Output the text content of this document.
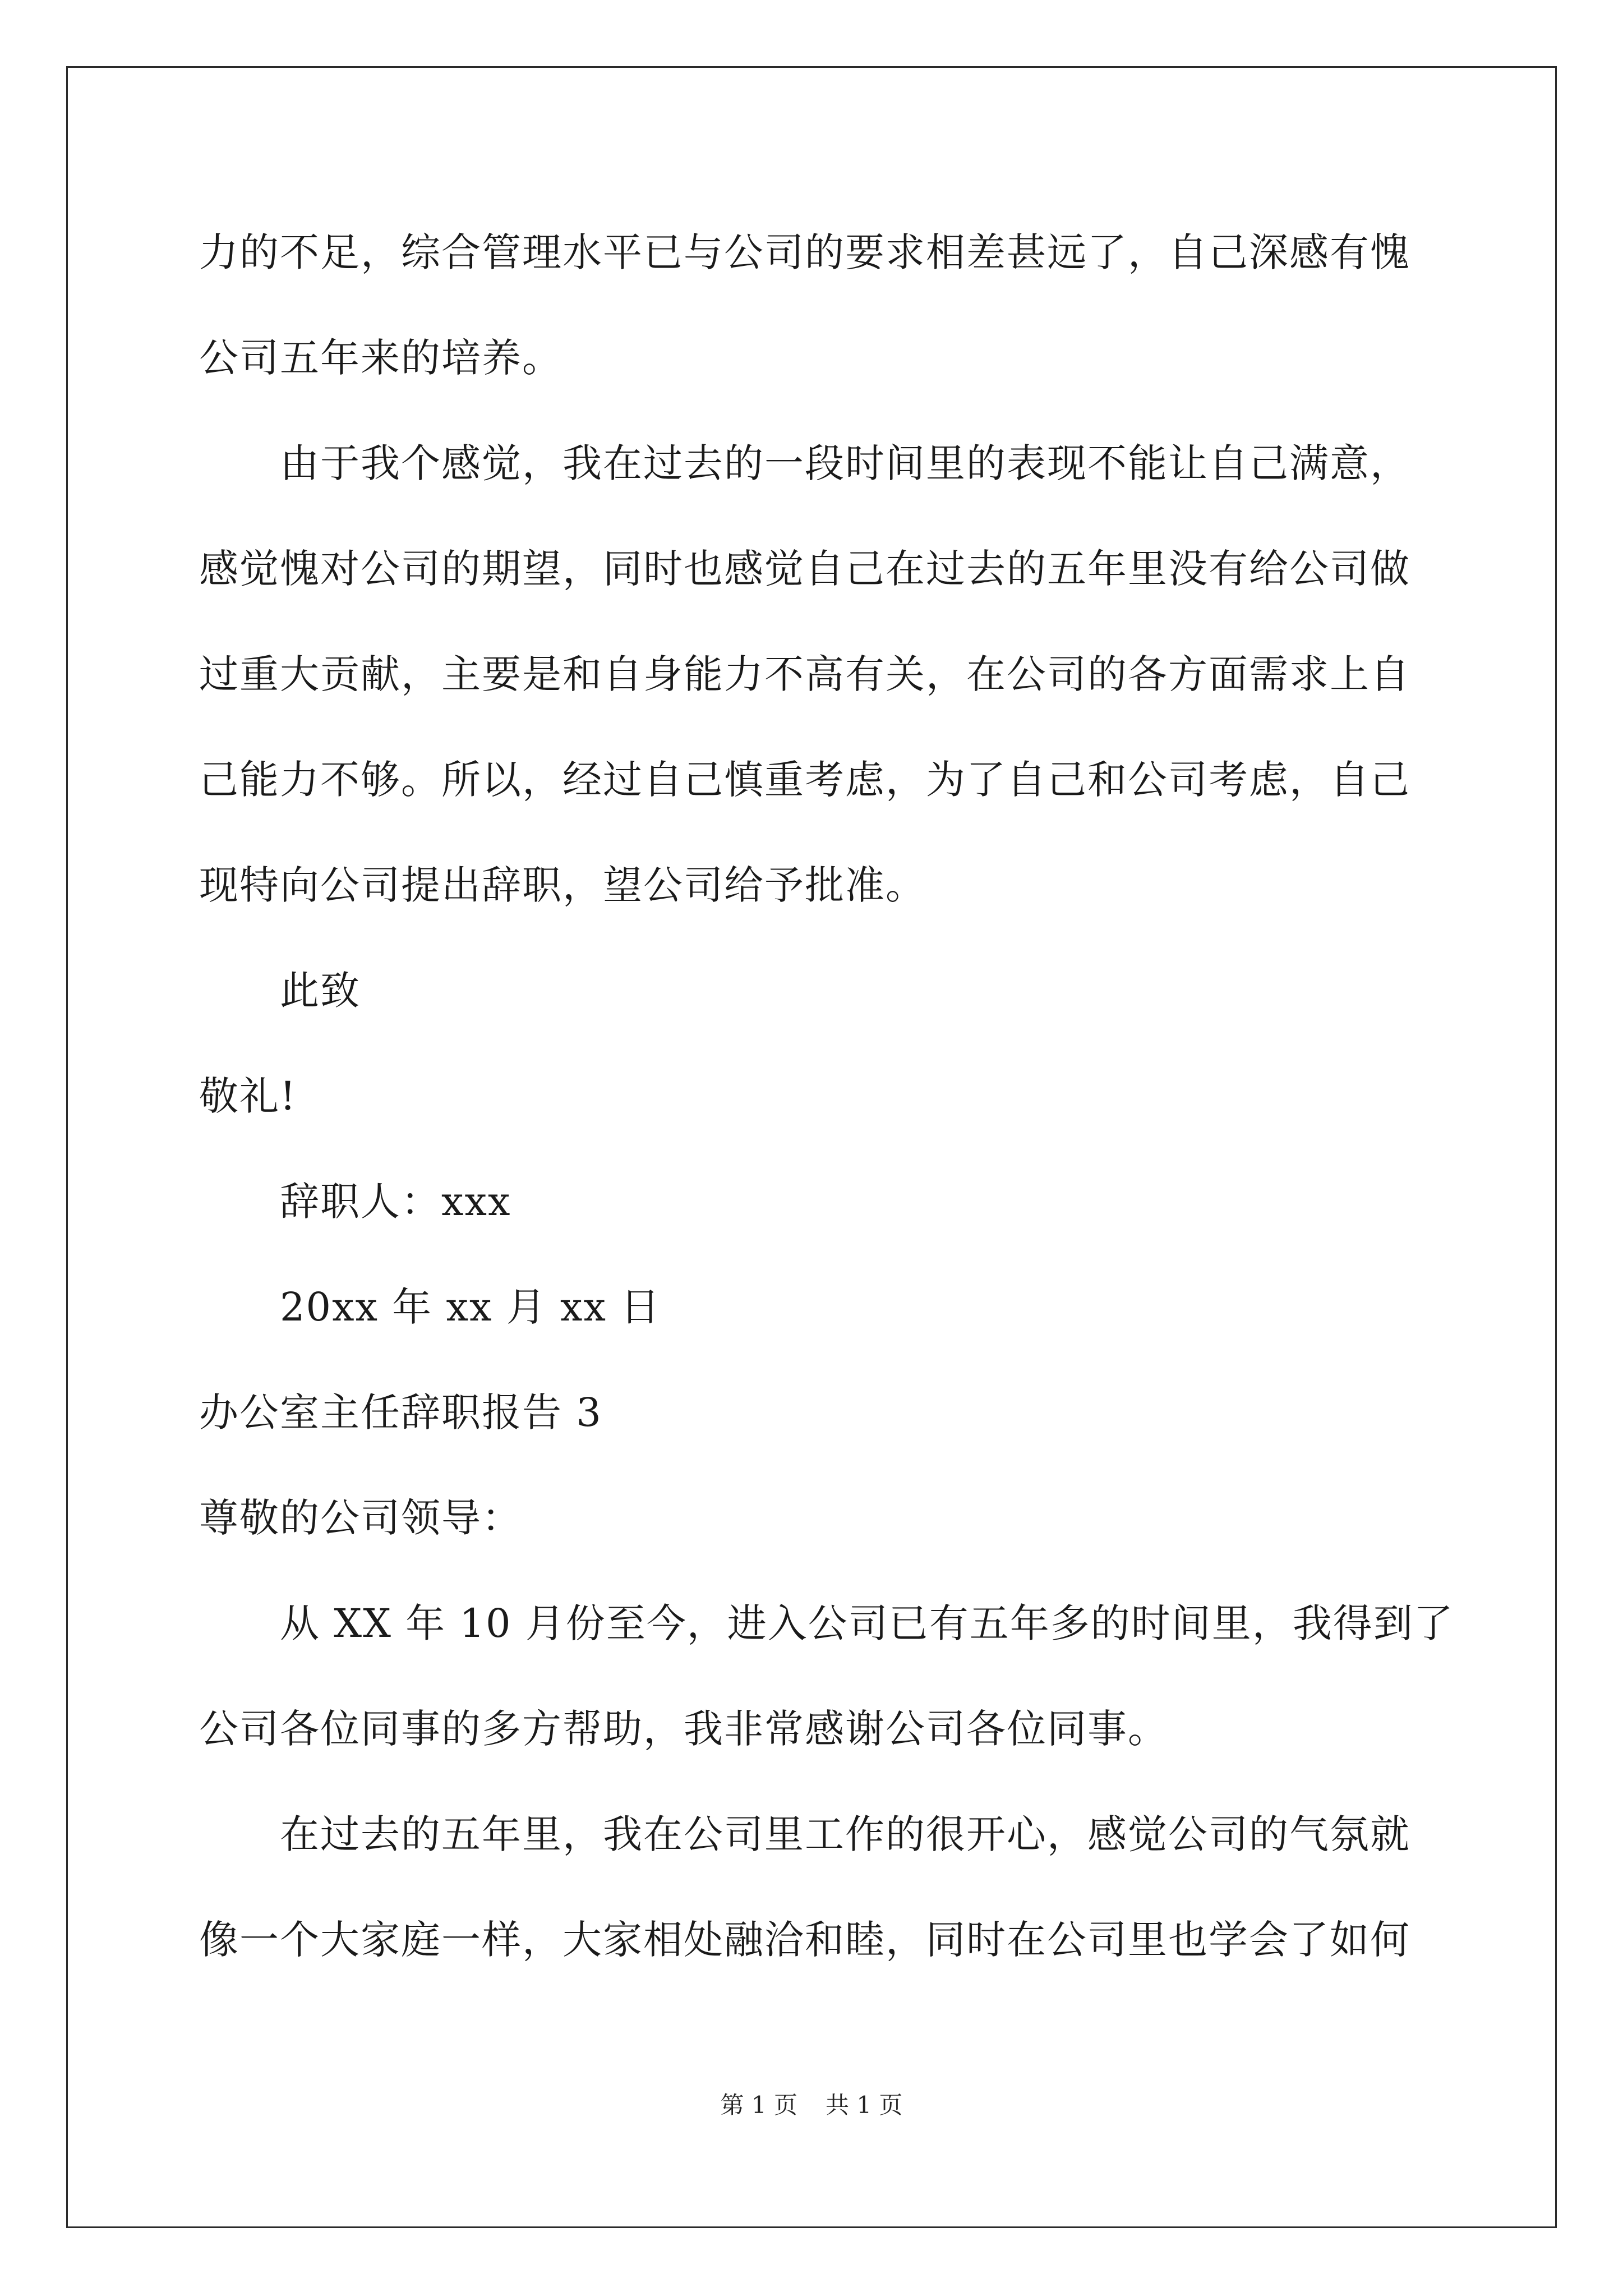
力的不足，综合管理水平已与公司的要求相差甚远了，自己深感有愧
公司五年来的培养。
由于我个感觉，我在过去的一段时间里的表现不能让自己满意，
感觉愧对公司的期望，同时也感觉自己在过去的五年里没有给公司做
过重大贡献，主要是和自身能力不高有关，在公司的各方面需求上自
己能力不够。所以，经过自己慎重考虑，为了自己和公司考虑，自己
现特向公司提出辞职，望公司给予批准。
此致
敬礼!
辞职人：xxx
20xx 年 xx 月 xx 日
办公室主任辞职报告 3
尊敬的公司领导：
从 XX 年 10 月份至今，进入公司已有五年多的时间里，我得到了
公司各位同事的多方帮助，我非常感谢公司各位同事。
在过去的五年里，我在公司里工作的很开心，感觉公司的气氛就
像一个大家庭一样，大家相处融洽和睦，同时在公司里也学会了如何
第 1 页 共 1 页
